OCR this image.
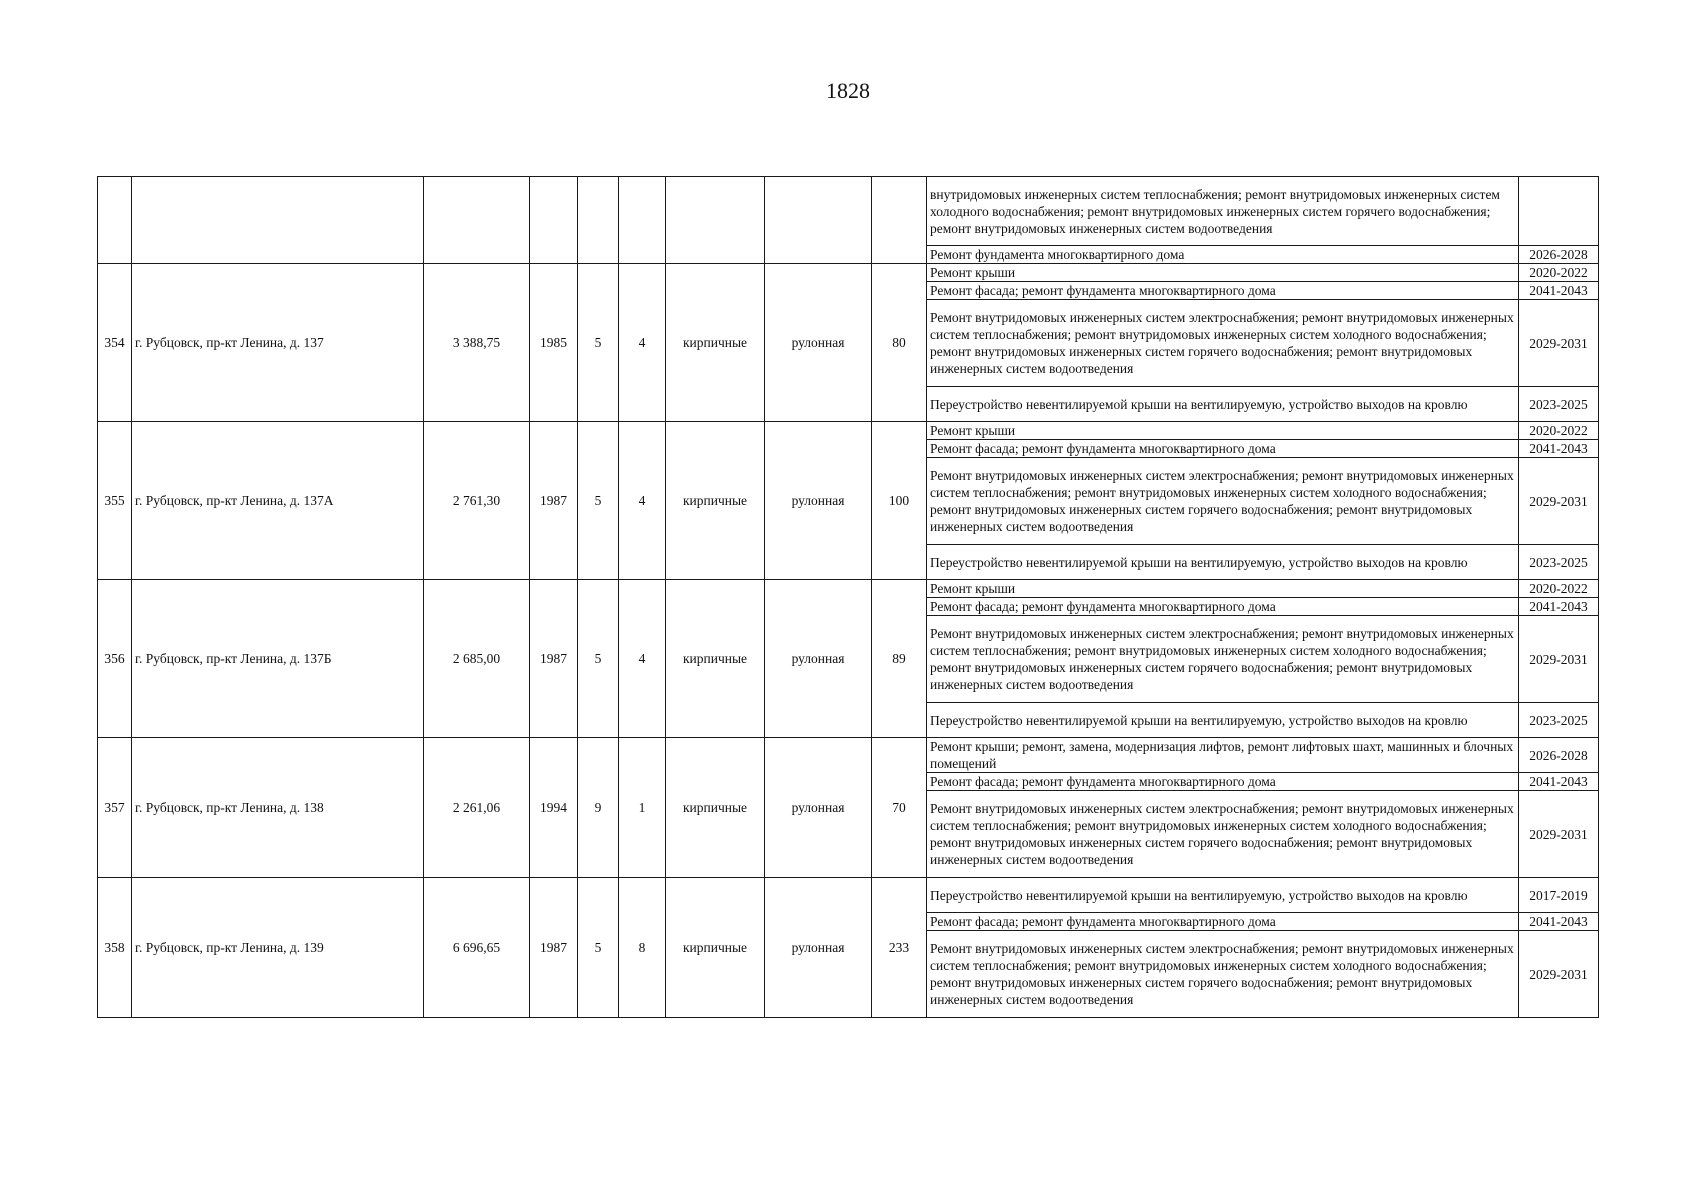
1828
									внутридомовых инженерных систем теплоснабжения; ремонт внутридомовых инженерных систем холодного водоснабжения; ремонт внутридомовых инженерных систем горячего водоснабжения; ремонт внутридомовых инженерных систем водоотведения	
									Ремонт фундамента многоквартирного дома	2026-2028
354	г. Рубцовск, пр-кт Ленина, д. 137	3 388,75	1985	5	4	кирпичные	рулонная	80	Ремонт крыши	2020-2022
									Ремонт фасада; ремонт фундамента многоквартирного дома	2041-2043
									Ремонт внутридомовых инженерных систем электроснабжения; ремонт внутридомовых инженерных систем теплоснабжения; ремонт внутридомовых инженерных систем холодного водоснабжения; ремонт внутридомовых инженерных систем горячего водоснабжения; ремонт внутридомовых инженерных систем водоотведения	2029-2031
									Переустройство невентилируемой крыши на вентилируемую, устройство выходов на кровлю	2023-2025
355	г. Рубцовск, пр-кт Ленина, д. 137А	2 761,30	1987	5	4	кирпичные	рулонная	100	Ремонт крыши	2020-2022
									Ремонт фасада; ремонт фундамента многоквартирного дома	2041-2043
									Ремонт внутридомовых инженерных систем электроснабжения; ремонт внутридомовых инженерных систем теплоснабжения; ремонт внутридомовых инженерных систем холодного водоснабжения; ремонт внутридомовых инженерных систем горячего водоснабжения; ремонт внутридомовых инженерных систем водоотведения	2029-2031
									Переустройство невентилируемой крыши на вентилируемую, устройство выходов на кровлю	2023-2025
356	г. Рубцовск, пр-кт Ленина, д. 137Б	2 685,00	1987	5	4	кирпичные	рулонная	89	Ремонт крыши	2020-2022
									Ремонт фасада; ремонт фундамента многоквартирного дома	2041-2043
									Ремонт внутридомовых инженерных систем электроснабжения; ремонт внутридомовых инженерных систем теплоснабжения; ремонт внутридомовых инженерных систем холодного водоснабжения; ремонт внутридомовых инженерных систем горячего водоснабжения; ремонт внутридомовых инженерных систем водоотведения	2029-2031
									Переустройство невентилируемой крыши на вентилируемую, устройство выходов на кровлю	2023-2025
357	г. Рубцовск, пр-кт Ленина, д. 138	2 261,06	1994	9	1	кирпичные	рулонная	70	Ремонт крыши; ремонт, замена, модернизация лифтов, ремонт лифтовых шахт, машинных и блочных помещений	2026-2028
									Ремонт фасада; ремонт фундамента многоквартирного дома	2041-2043
									Ремонт внутридомовых инженерных систем электроснабжения; ремонт внутридомовых инженерных систем теплоснабжения; ремонт внутридомовых инженерных систем холодного водоснабжения; ремонт внутридомовых инженерных систем горячего водоснабжения; ремонт внутридомовых инженерных систем водоотведения	2029-2031
358	г. Рубцовск, пр-кт Ленина, д. 139	6 696,65	1987	5	8	кирпичные	рулонная	233	Переустройство невентилируемой крыши на вентилируемую, устройство выходов на кровлю	2017-2019
									Ремонт фасада; ремонт фундамента многоквартирного дома	2041-2043
									Ремонт внутридомовых инженерных систем электроснабжения; ремонт внутридомовых инженерных систем теплоснабжения; ремонт внутридомовых инженерных систем холодного водоснабжения; ремонт внутридомовых инженерных систем горячего водоснабжения; ремонт внутридомовых инженерных систем водоотведения	2029-2031
